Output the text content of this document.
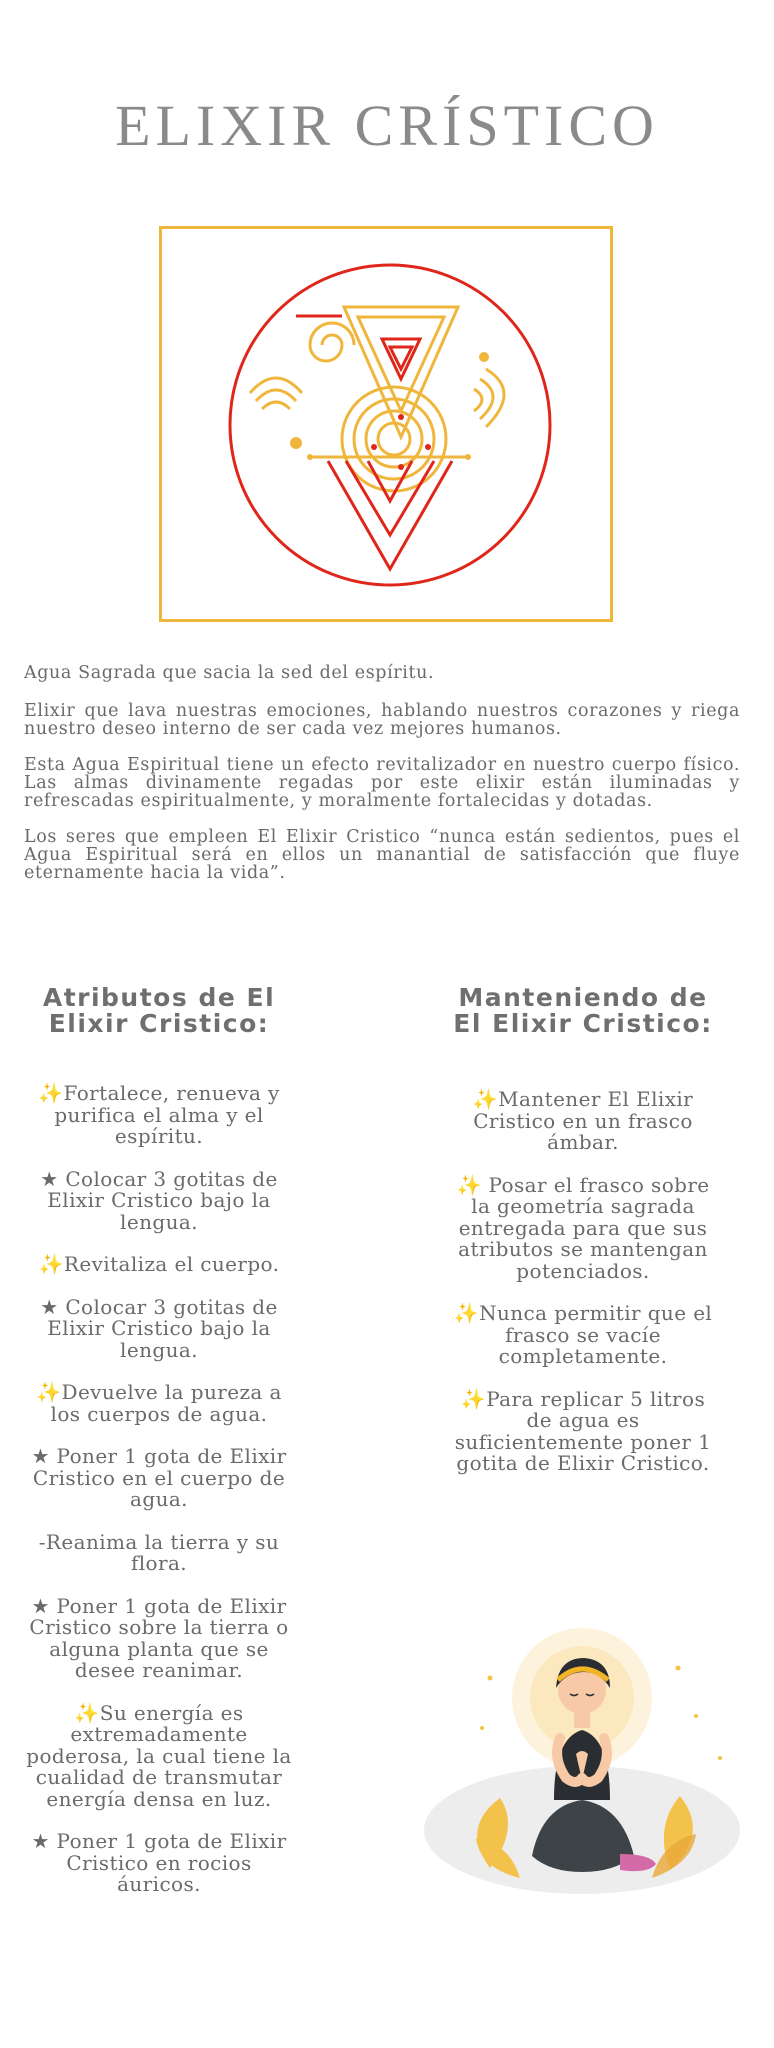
ELIXIR CRÍSTICO

Agua Sagrada que sacia la sed del espíritu.

Elixir que lava nuestras emociones, hablando nuestros corazones y riega nuestro deseo interno de ser cada vez mejores humanos.

Esta Agua Espiritual tiene un efecto revitalizador en nuestro cuerpo físico. Las almas divinamente regadas por este elixir están iluminadas y refrescadas espiritualmente, y moralmente fortalecidas y dotadas.

Los seres que empleen El Elixir Cristico “nunca están sedientos, pues el Agua Espiritual será en ellos un manantial de satisfacción que fluye eternamente hacia la vida”.

Atributos de El Elixir Cristico:

✨Fortalece, renueva y purifica el alma y el espíritu.

★ Colocar 3 gotitas de Elixir Cristico bajo la lengua.

✨Revitaliza el cuerpo.

★ Colocar 3 gotitas de Elixir Cristico bajo la lengua.

✨Devuelve la pureza a los cuerpos de agua.

★ Poner 1 gota de Elixir Cristico en el cuerpo de agua.

-Reanima la tierra y su flora.

★ Poner 1 gota de Elixir Cristico sobre la tierra o alguna planta que se desee reanimar.

✨Su energía es extremadamente poderosa, la cual tiene la cualidad de transmutar energía densa en luz.

★ Poner 1 gota de Elixir Cristico en rocios áuricos.

Manteniendo de El Elixir Cristico:

✨Mantener El Elixir Cristico en un frasco ámbar.

✨ Posar el frasco sobre la geometría sagrada entregada para que sus atributos se mantengan potenciados.

✨Nunca permitir que el frasco se vacíe completamente.

✨Para replicar 5 litros de agua es suficientemente poner 1 gotita de Elixir Cristico.
